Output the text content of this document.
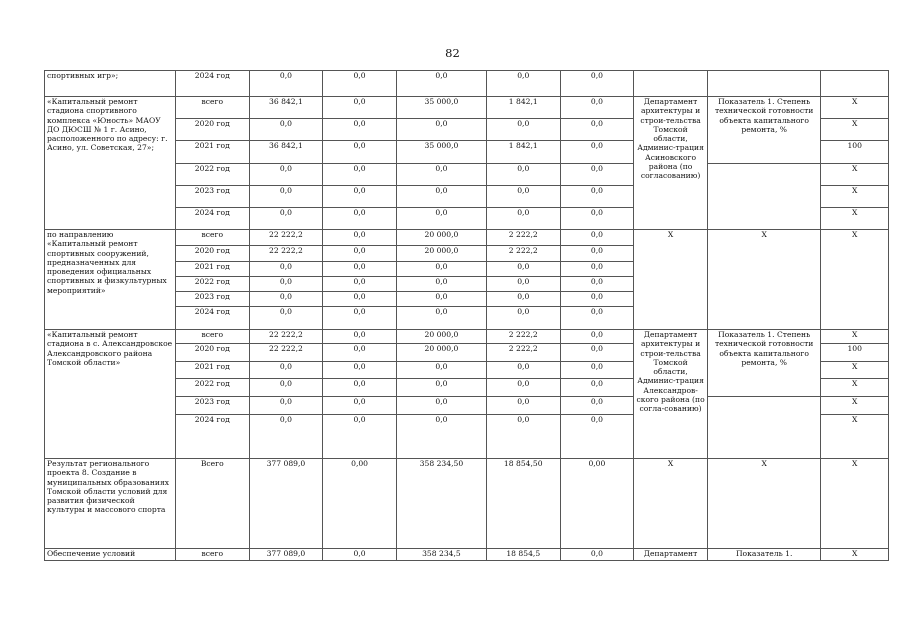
82
спортивных игр»;	2024 год	0,0	0,0	0,0	0,0	0,0			
«Капитальный ремонт стадиона спортивного комплекса «Юность» МАОУ ДО ДЮСШ № 1 г. Асино, расположенного по адресу: г. Асино, ул. Советская, 27»;	всего	36 842,1	0,0	35 000,0	1 842,1	0,0	Департамент архитектуры и строи-тельства Томской области, Админис-трация Асиновского района (по согласованию)	Показатель 1. Степень технической готовности объекта капитального ремонта, %	X
	2020 год	0,0	0,0	0,0	0,0	0,0			X
	2021 год	36 842,1	0,0	35 000,0	1 842,1	0,0			100
	2022 год	0,0	0,0	0,0	0,0	0,0			X
	2023 год	0,0	0,0	0,0	0,0	0,0			X
	2024 год	0,0	0,0	0,0	0,0	0,0			X
по направлению «Капитальный ремонт спортивных сооружений, предназначенных для проведения официальных спортивных и физкультурных мероприятий»	всего	22 222,2	0,0	20 000,0	2 222,2	0,0	X	X	X
	2020 год	22 222,2	0,0	20 000,0	2 222,2	0,0			
	2021 год	0,0	0,0	0,0	0,0	0,0			
	2022 год	0,0	0,0	0,0	0,0	0,0			
	2023 год	0,0	0,0	0,0	0,0	0,0			
	2024 год	0,0	0,0	0,0	0,0	0,0			
«Капитальный ремонт стадиона в с. Александровское Александровского района Томской области»	всего	22 222,2	0,0	20 000,0	2 222,2	0,0	Департамент архитектуры и строи-тельства Томской области, Админис-трация Александров-ского района (по согла-сованию)	Показатель 1. Степень технической готовности объекта капитального ремонта, %	X
	2020 год	22 222,2	0,0	20 000,0	2 222,2	0,0			100
	2021 год	0,0	0,0	0,0	0,0	0,0			X
	2022 год	0,0	0,0	0,0	0,0	0,0			X
	2023 год	0,0	0,0	0,0	0,0	0,0			X
	2024 год	0,0	0,0	0,0	0,0	0,0			X
Результат регионального проекта 8. Создание в муниципальных образованиях Томской области условий для развития физической культуры и массового спорта	Всего	377 089,0	0,00	358 234,50	18 854,50	0,00	X	X	X
Обеспечение условий	всего	377 089,0	0,0	358 234,5	18 854,5	0,0	Департамент	Показатель 1.	X
